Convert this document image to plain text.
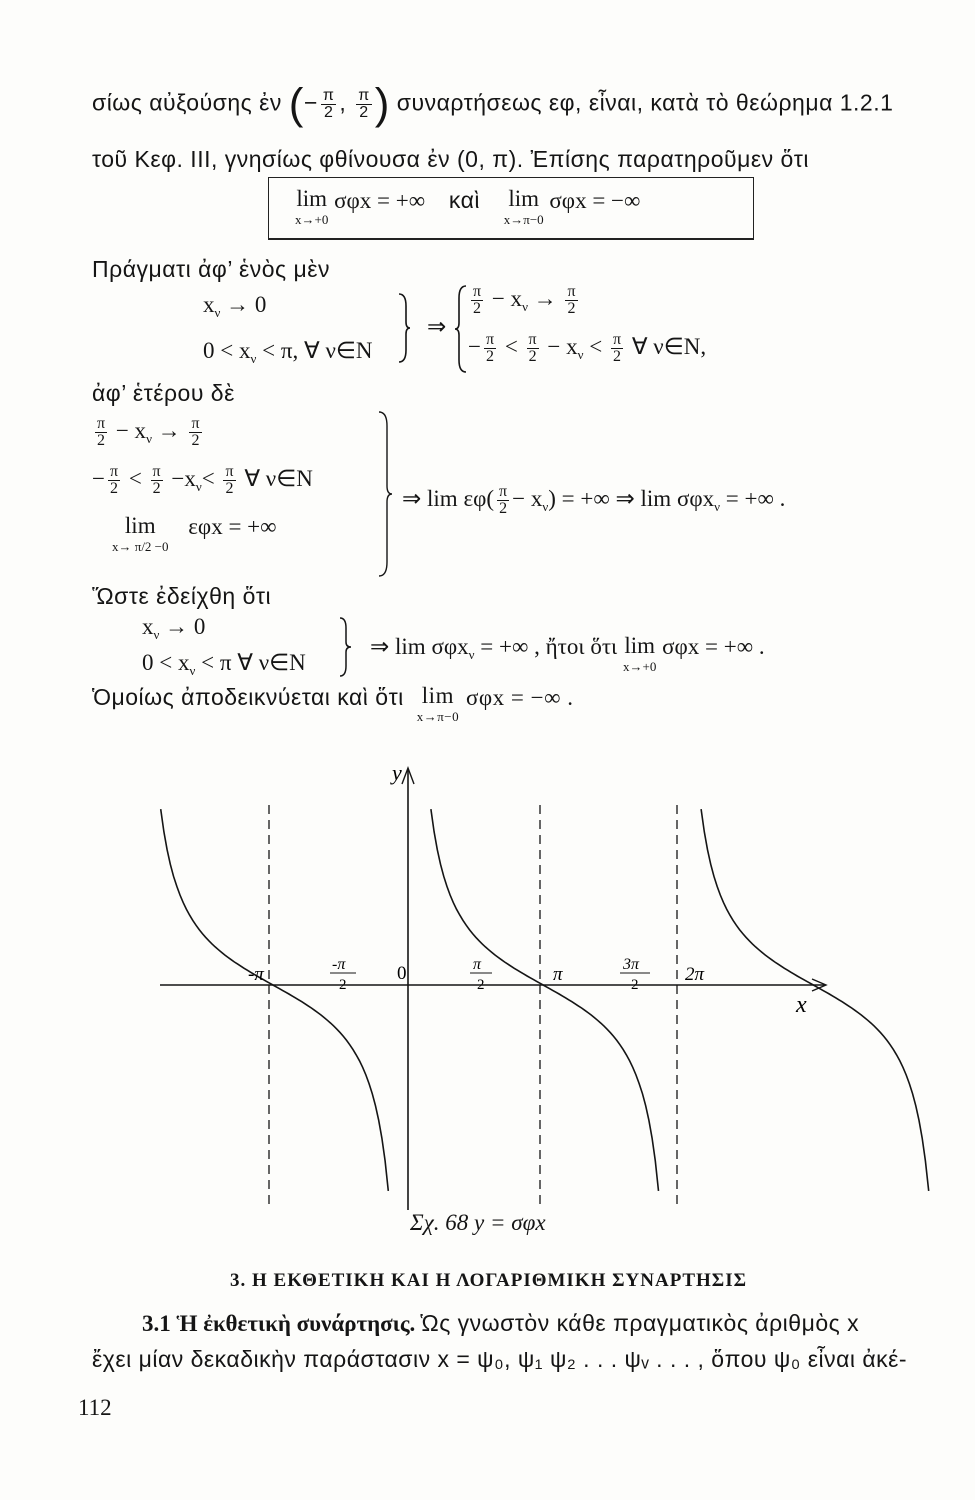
σίως αὐξούσης ἐν (− $\frac{\pi}{2}$ , $\frac{\pi}{2}$ ) συναρτήσεως εφ, εἶναι, κατὰ τὸ θεώρημα 1.2.1
τοῦ Κεφ. III, γνησίως φθίνουσα ἐν (0, π). Ἐπίσης παρατηροῦμεν ὅτι
lim
x→+0
σφx = +∞ καὶ lim
x→π−0
σφx = −∞
Πράγματι ἀφ’ ἑνὸς μὲν
$x_\nu \to 0$
$0 < x_\nu < \pi$, ∀ ν∈N
⇒
$\frac{\pi}{2} - x_\nu \to \frac{\pi}{2}$
− $\frac{\pi}{2} < \frac{\pi}{2} - x_\nu < \frac{\pi}{2}$ ∀ ν∈N,
ἀφ’ ἑτέρου δὲ
$\frac{\pi}{2} - x_\nu \to \frac{\pi}{2}$
− $\frac{\pi}{2} < \frac{\pi}{2} -x_\nu< \frac{\pi}{2}$ ∀ ν∈N
lim
x→ π/2 −0
εφx = +∞
⇒ $\lim \varepsilon\varphi( \frac{\pi}{2} - x_\nu)$ = +∞ ⇒ lim σφx$_\nu$ = +∞ .
Ὥστε ἐδείχθη ὅτι
$x_\nu \to 0$
$0 < x_\nu < \pi$ ∀ ν∈N
⇒ lim σφx$_\nu$ = +∞ , ἤτοι ὅτι lim
x→+0
σφx = +∞ .
Ὁμοίως ἀποδεικνύεται καὶ ὅτι lim
x→π−0
σφx = −∞ .
y
x
-π	-π
2
0	π
2	π	3π
2 2π
Σχ. 68 y = σφx
3. Η ΕΚΘΕΤΙΚΗ ΚΑΙ Η ΛΟΓΑΡΙΘΜΙΚΗ ΣΥΝΑΡΤΗΣΙΣ
3.1 Ἡ ἐκθετικὴ συνάρτησις. Ὡς γνωστὸν κάθε πραγματικὸς ἀριθμὸς x
ἔχει μίαν δεκαδικὴν παράστασιν x = ψ₀, ψ₁ ψ₂ . . . ψᵥ . . . , ὅπου ψ₀ εἶναι ἀκέ-
112
